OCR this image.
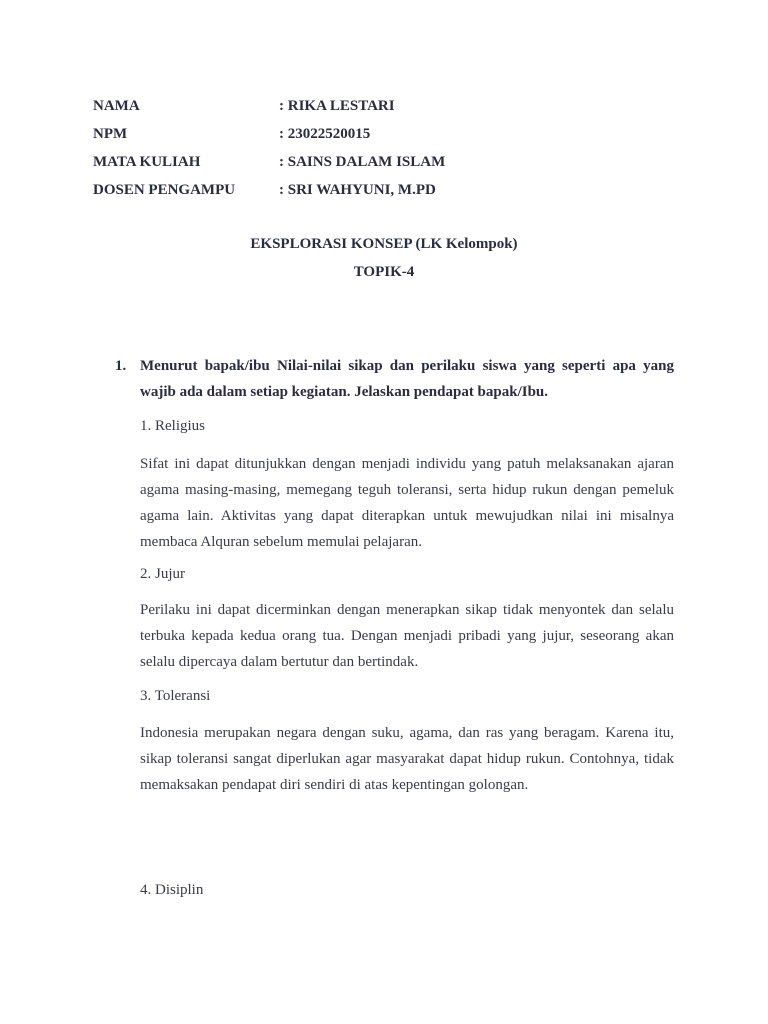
NAMA	: RIKA LESTARI
NPM	: 23022520015
MATA KULIAH	: SAINS DALAM ISLAM
DOSEN PENGAMPU	: SRI WAHYUNI, M.PD
EKSPLORASI KONSEP (LK Kelompok)
TOPIK-4
1. Menurut bapak/ibu Nilai-nilai sikap dan perilaku siswa yang seperti apa yang wajib ada dalam setiap kegiatan. Jelaskan pendapat bapak/Ibu.
1. Religius
Sifat ini dapat ditunjukkan dengan menjadi individu yang patuh melaksanakan ajaran agama masing-masing, memegang teguh toleransi, serta hidup rukun dengan pemeluk agama lain. Aktivitas yang dapat diterapkan untuk mewujudkan nilai ini misalnya membaca Alquran sebelum memulai pelajaran.
2. Jujur
Perilaku ini dapat dicerminkan dengan menerapkan sikap tidak menyontek dan selalu terbuka kepada kedua orang tua. Dengan menjadi pribadi yang jujur, seseorang akan selalu dipercaya dalam bertutur dan bertindak.
3. Toleransi
Indonesia merupakan negara dengan suku, agama, dan ras yang beragam. Karena itu, sikap toleransi sangat diperlukan agar masyarakat dapat hidup rukun. Contohnya, tidak memaksakan pendapat diri sendiri di atas kepentingan golongan.
4. Disiplin
